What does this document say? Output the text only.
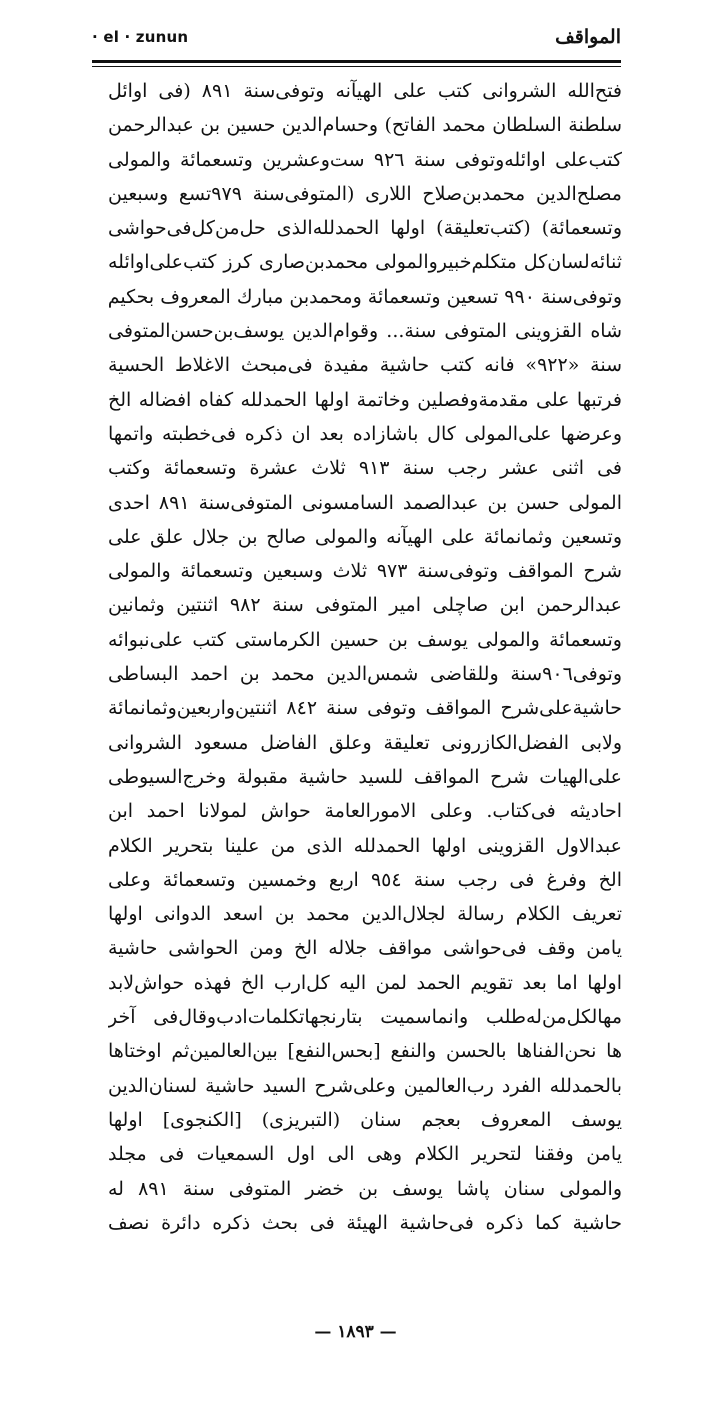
· el · zunun	المواقف
فتح‌الله الشروانى كتب على الهيآنه وتوفى‌سنة ٨٩١ (فى اوائل
سلطنة السلطان محمد الفاتح) وحسام‌الدين حسين بن عبدالرحمن
كتب‌على اوائله‌وتوفى سنة ٩٢٦ ست‌وعشرين وتسعمائة والمولى
مصلح‌الدين محمدبن‌صلاح اللارى (المتوفى‌سنة ٩٧٩تسع وسبعين
وتسعمائة) (كتب‌تعليقة) اولها الحمدلله‌الذى حل‌من‌كل‌فى‌حواشى
ثنائه‌لسان‌كل متكلم‌خبيروالمولى محمدبن‌صارى كرز كتب‌على‌اوائله
وتوفى‌سنة ٩٩٠ تسعين وتسعمائة ومحمدبن مبارك المعروف بحكيم
شاه القزوينى المتوفى سنة... وقوام‌الدين يوسف‌بن‌حسن‌المتوفى
سنة «٩٢٢» فانه كتب حاشية مفيدة فى‌مبحث الاغلاط الحسية
فرتبها على مقدمة‌وفصلين وخاتمة اولها الحمدلله كفاه افضاله الخ
وعرضها على‌المولى كال باشازاده بعد ان ذكره فى‌خطبته واتمها
فى اثنى عشر رجب سنة ٩١٣ ثلاث عشرة وتسعمائة وكتب
المولى حسن بن عبدالصمد السامسونى المتوفى‌سنة ٨٩١ احدى
وتسعين وثمانمائة على الهيآنه والمولى صالح بن جلال علق على
شرح المواقف وتوفى‌سنة ٩٧٣ ثلاث وسبعين وتسعمائة والمولى
عبدالرحمن ابن صاچلى امير المتوفى سنة ٩٨٢ اثنتين وثمانين
وتسعمائة والمولى يوسف بن حسين الكرماستى كتب على‌نبوائه
وتوفى‌٩٠٦سنة وللقاضى شمس‌الدين محمد بن احمد البساطى
حاشية‌على‌شرح المواقف وتوفى سنة ٨٤٢ اثنتين‌واربعين‌وثمانمائة
ولابى الفضل‌الكازرونى تعليقة وعلق الفاضل مسعود الشروانى
على‌الهيات شرح المواقف للسيد حاشية مقبولة وخرج‌السيوطى
احاديثه فى‌كتاب. وعلى الامورالعامة حواش لمولانا احمد ابن
عبدالاول القزوينى اولها الحمدلله الذى من علينا بتحرير الكلام
الخ وفرغ فى رجب سنة ٩٥٤ اربع وخمسين وتسعمائة وعلى
تعريف الكلام رسالة لجلال‌الدين محمد بن اسعد الدوانى اولها
يامن وقف فى‌حواشى مواقف جلاله الخ ومن الحواشى حاشية
اولها اما بعد تقويم الحمد لمن اليه كل‌ارب الخ فهذه حواش‌لابد
مهالكل‌من‌له‌طلب وانماسميت بتارنجهاتكلمات‌ادب‌وقال‌فى آخر
ها نحن‌الفناها بالحسن والنفع [بحس‌النفع] بين‌العالمين‌ثم اوختاها
بالحمدلله الفرد رب‌العالمين وعلى‌شرح السيد حاشية لسنان‌الدين
يوسف المعروف بعجم سنان (التبريزى) [الكنجوى] اولها
يامن وفقنا لتحرير الكلام وهى الى اول السمعيات فى مجلد
والمولى سنان پاشا يوسف بن خضر المتوفى سنة ٨٩١ له
حاشية كما ذكره فى‌حاشية الهيئة فى بحث ذكره دائرة نصف
— ١٨٩٣ —
